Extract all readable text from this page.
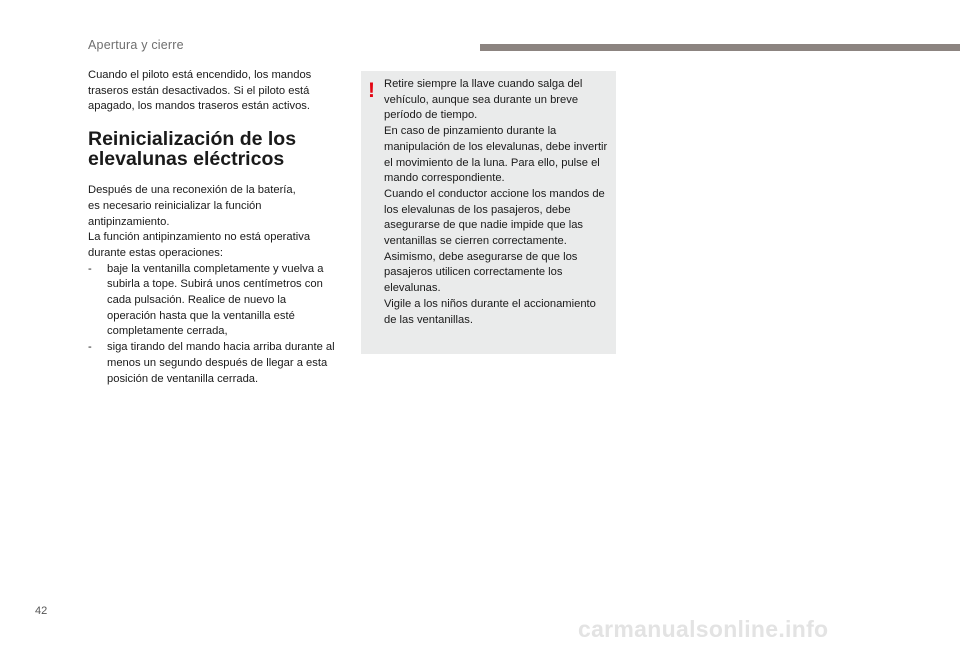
Apertura y cierre

Cuando el piloto está encendido, los mandos traseros están desactivados. Si el piloto está apagado, los mandos traseros están activos.

Reinicialización de los
elevalunas eléctricos

Después de una reconexión de la batería,

es necesario reinicializar la función antipinzamiento.

La función antipinzamiento no está operativa durante estas operaciones:

- baje la ventanilla completamente y vuelva a subirla a tope. Subirá unos centímetros con cada pulsación. Realice de nuevo la operación hasta que la ventanilla esté completamente cerrada,
- siga tirando del mando hacia arriba durante al menos un segundo después de llegar a esta posición de ventanilla cerrada.
! Retire siempre la llave cuando salga del vehículo, aunque sea durante un breve período de tiempo.

En caso de pinzamiento durante la manipulación de los elevalunas, debe invertir el movimiento de la luna. Para ello, pulse el mando correspondiente.

Cuando el conductor accione los mandos de los elevalunas de los pasajeros, debe asegurarse de que nadie impide que las ventanillas se cierren correctamente. Asimismo, debe asegurarse de que los pasajeros utilicen correctamente los elevalunas.

Vigile a los niños durante el accionamiento de las ventanillas.

42
carmanualsonline.info
